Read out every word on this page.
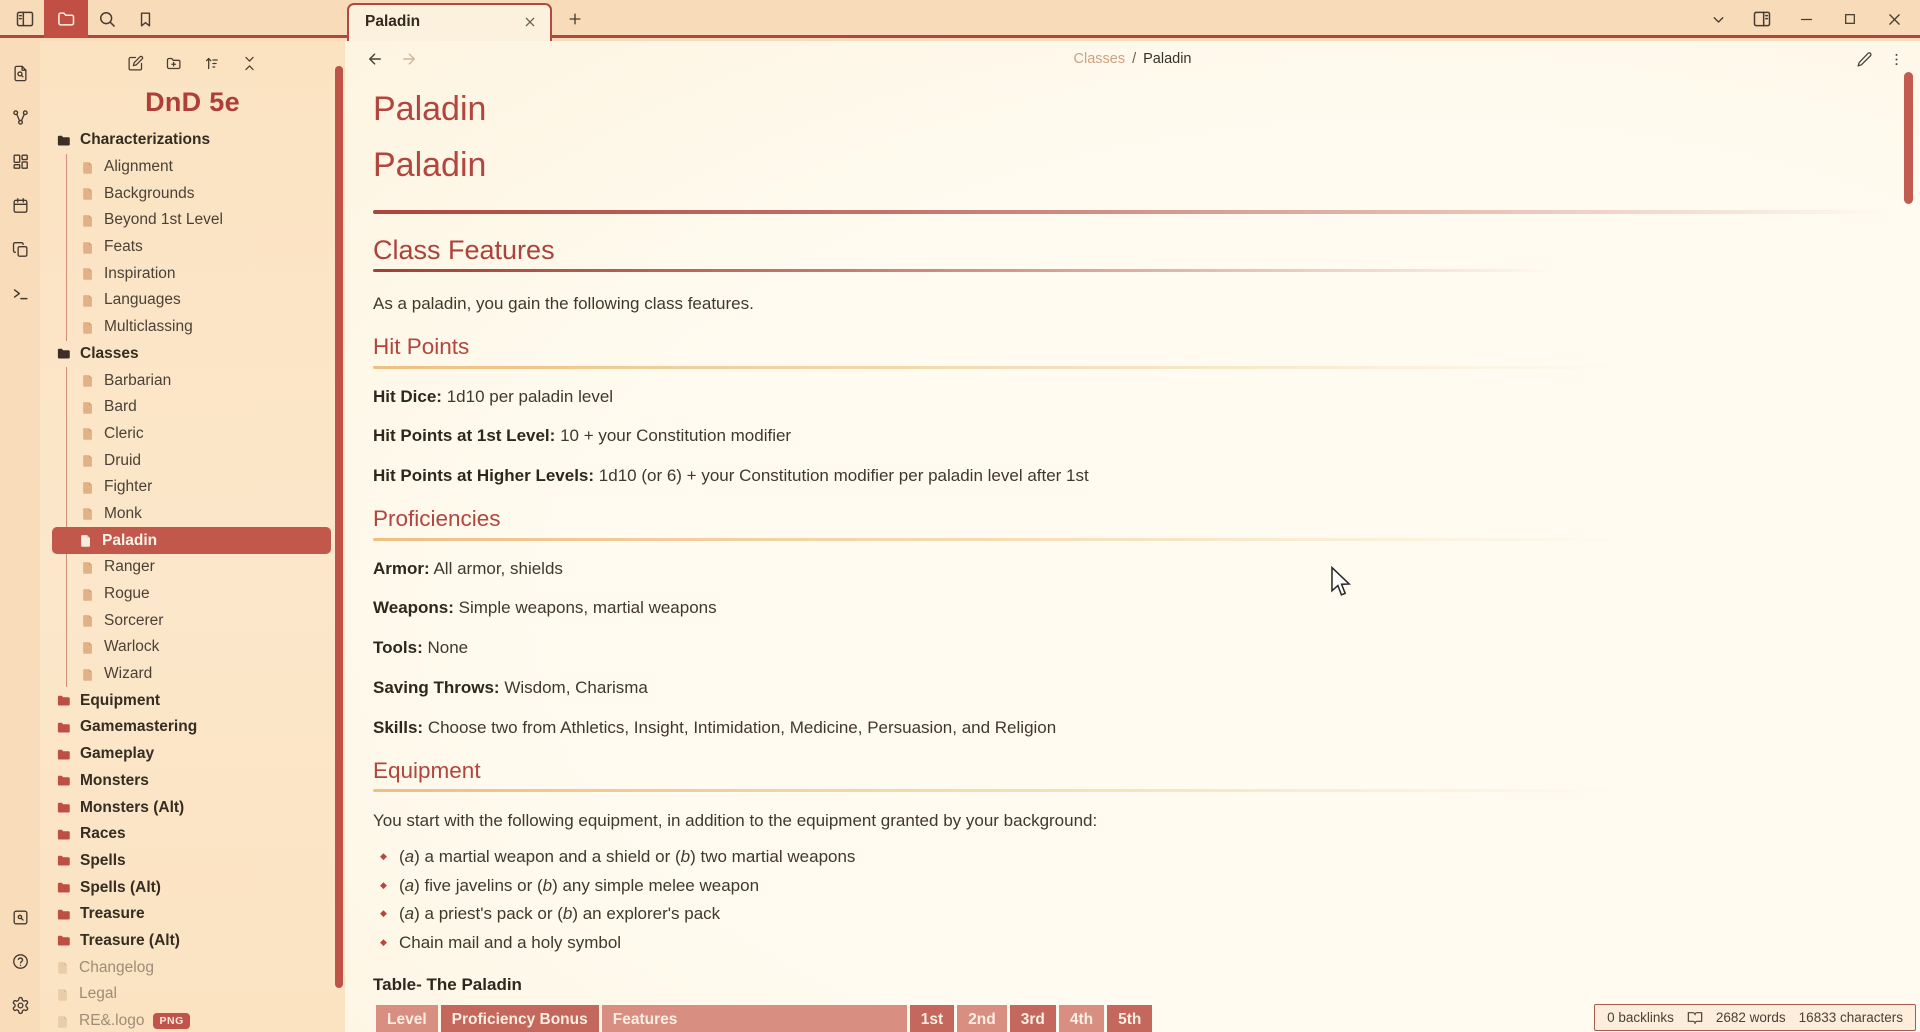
Paladin
DnD 5e
Characterizations
Alignment
Backgrounds
Beyond 1st Level
Feats
Inspiration
Languages
Multiclassing
Classes
Barbarian
Bard
Cleric
Druid
Fighter
Monk
Paladin
Ranger
Rogue
Sorcerer
Warlock
Wizard
Equipment
Gamemastering
Gameplay
Monsters
Monsters (Alt)
Races
Spells
Spells (Alt)
Treasure
Treasure (Alt)
Changelog
Legal
RE&.logo	PNG
Classes / Paladin
Paladin
Paladin
Class Features

As a paladin, you gain the following class features.

Hit Points

Hit Dice: 1d10 per paladin level

Hit Points at 1st Level: 10 + your Constitution modifier

Hit Points at Higher Levels: 1d10 (or 6) + your Constitution modifier per paladin level after 1st

Proficiencies

Armor: All armor, shields

Weapons: Simple weapons, martial weapons

Tools: None

Saving Throws: Wisdom, Charisma

Skills: Choose two from Athletics, Insight, Intimidation, Medicine, Persuasion, and Religion

Equipment

You start with the following equipment, in addition to the equipment granted by your background:

◆ (a) a martial weapon and a shield or (b) two martial weapons
◆ (a) five javelins or (b) any simple melee weapon
◆ (a) a priest's pack or (b) an explorer's pack
◆ Chain mail and a holy symbol

Table- The Paladin

Level	Proficiency Bonus	Features	1st	2nd	3rd	4th	5th	0 backlinks	2682 words 16833 characters
